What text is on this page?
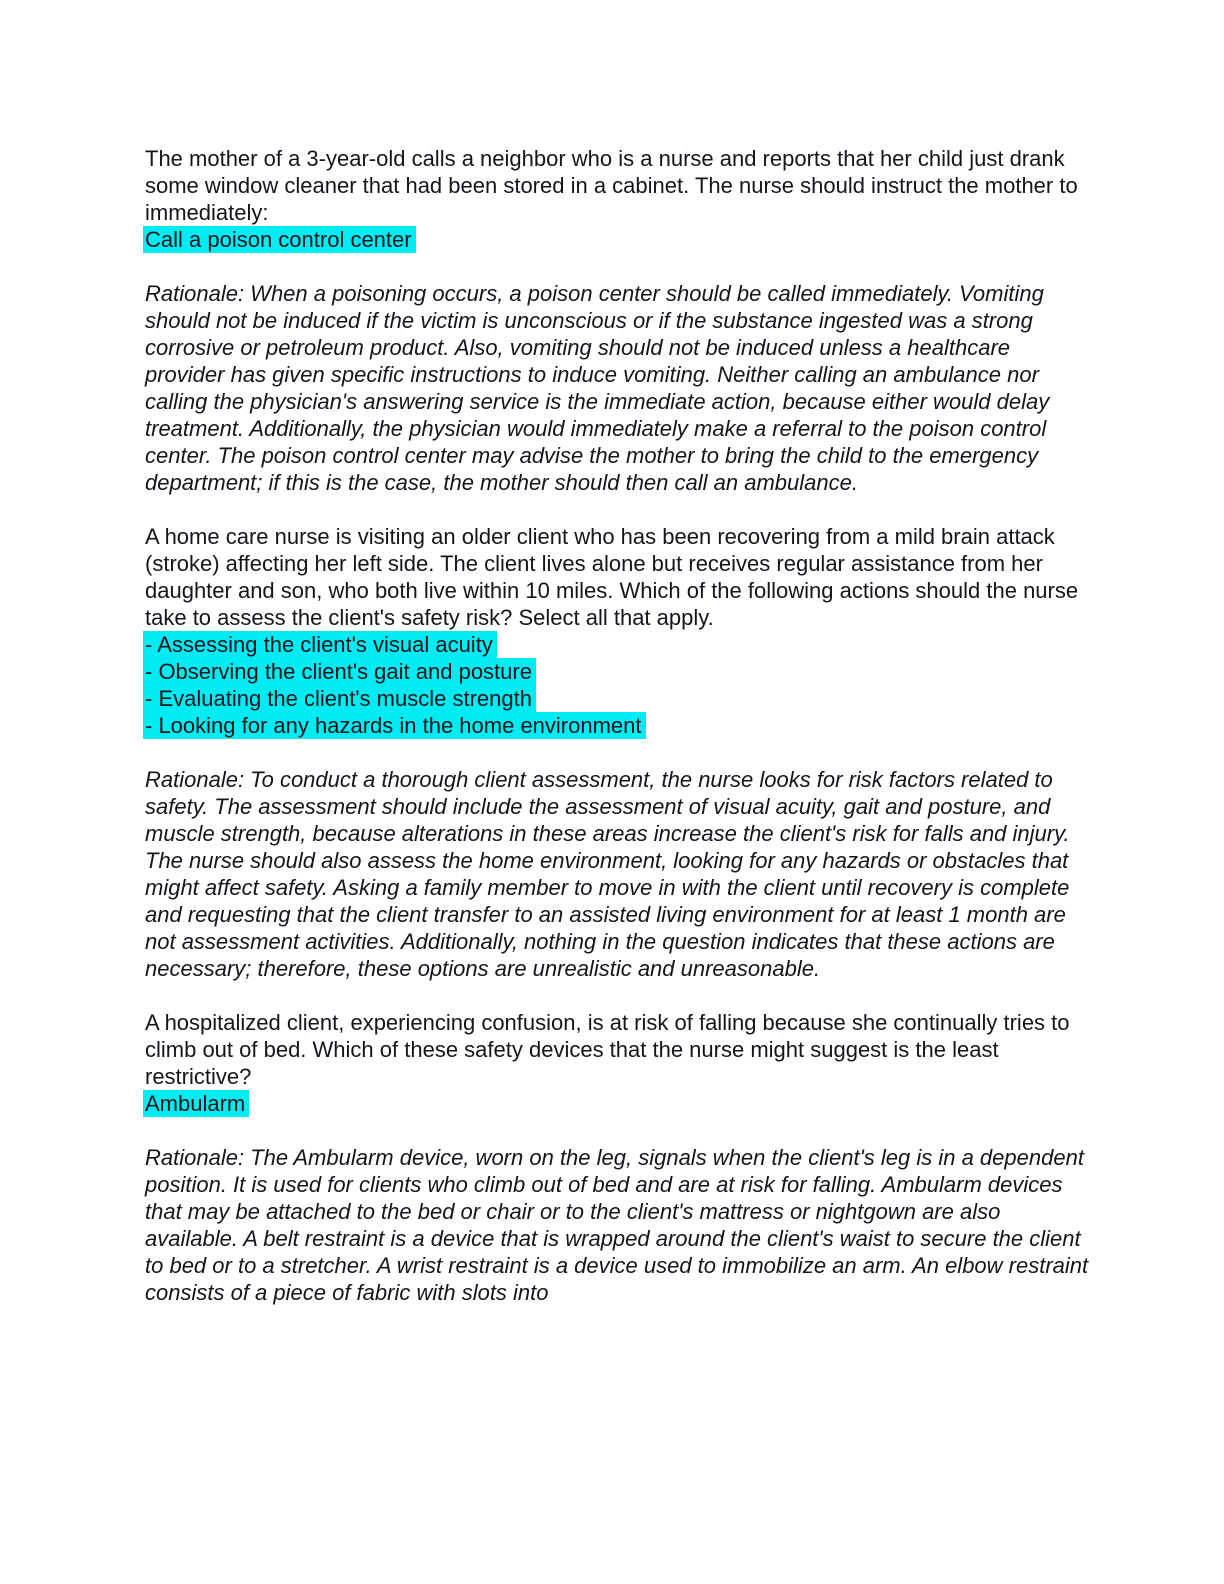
The mother of a 3-year-old calls a neighbor who is a nurse and reports that her child just drank some window cleaner that had been stored in a cabinet. The nurse should instruct the mother to immediately:

Call a poison control center

Rationale: When a poisoning occurs, a poison center should be called immediately. Vomiting should not be induced if the victim is unconscious or if the substance ingested was a strong corrosive or petroleum product. Also, vomiting should not be induced unless a healthcare provider has given specific instructions to induce vomiting. Neither calling an ambulance nor calling the physician's answering service is the immediate action, because either would delay treatment. Additionally, the physician would immediately make a referral to the poison control center. The poison control center may advise the mother to bring the child to the emergency department; if this is the case, the mother should then call an ambulance.

A home care nurse is visiting an older client who has been recovering from a mild brain attack (stroke) affecting her left side. The client lives alone but receives regular assistance from her daughter and son, who both live within 10 miles. Which of the following actions should the nurse take to assess the client's safety risk? Select all that apply.

- Assessing the client's visual acuity

- Observing the client's gait and posture

- Evaluating the client's muscle strength

- Looking for any hazards in the home environment

Rationale: To conduct a thorough client assessment, the nurse looks for risk factors related to safety. The assessment should include the assessment of visual acuity, gait and posture, and muscle strength, because alterations in these areas increase the client's risk for falls and injury. The nurse should also assess the home environment, looking for any hazards or obstacles that might affect safety. Asking a family member to move in with the client until recovery is complete and requesting that the client transfer to an assisted living environment for at least 1 month are not assessment activities. Additionally, nothing in the question indicates that these actions are necessary; therefore, these options are unrealistic and unreasonable.

A hospitalized client, experiencing confusion, is at risk of falling because she continually tries to climb out of bed. Which of these safety devices that the nurse might suggest is the least restrictive?

Ambularm

Rationale: The Ambularm device, worn on the leg, signals when the client's leg is in a dependent position. It is used for clients who climb out of bed and are at risk for falling. Ambularm devices that may be attached to the bed or chair or to the client's mattress or nightgown are also available. A belt restraint is a device that is wrapped around the client's waist to secure the client to bed or to a stretcher. A wrist restraint is a device used to immobilize an arm. An elbow restraint consists of a piece of fabric with slots into
